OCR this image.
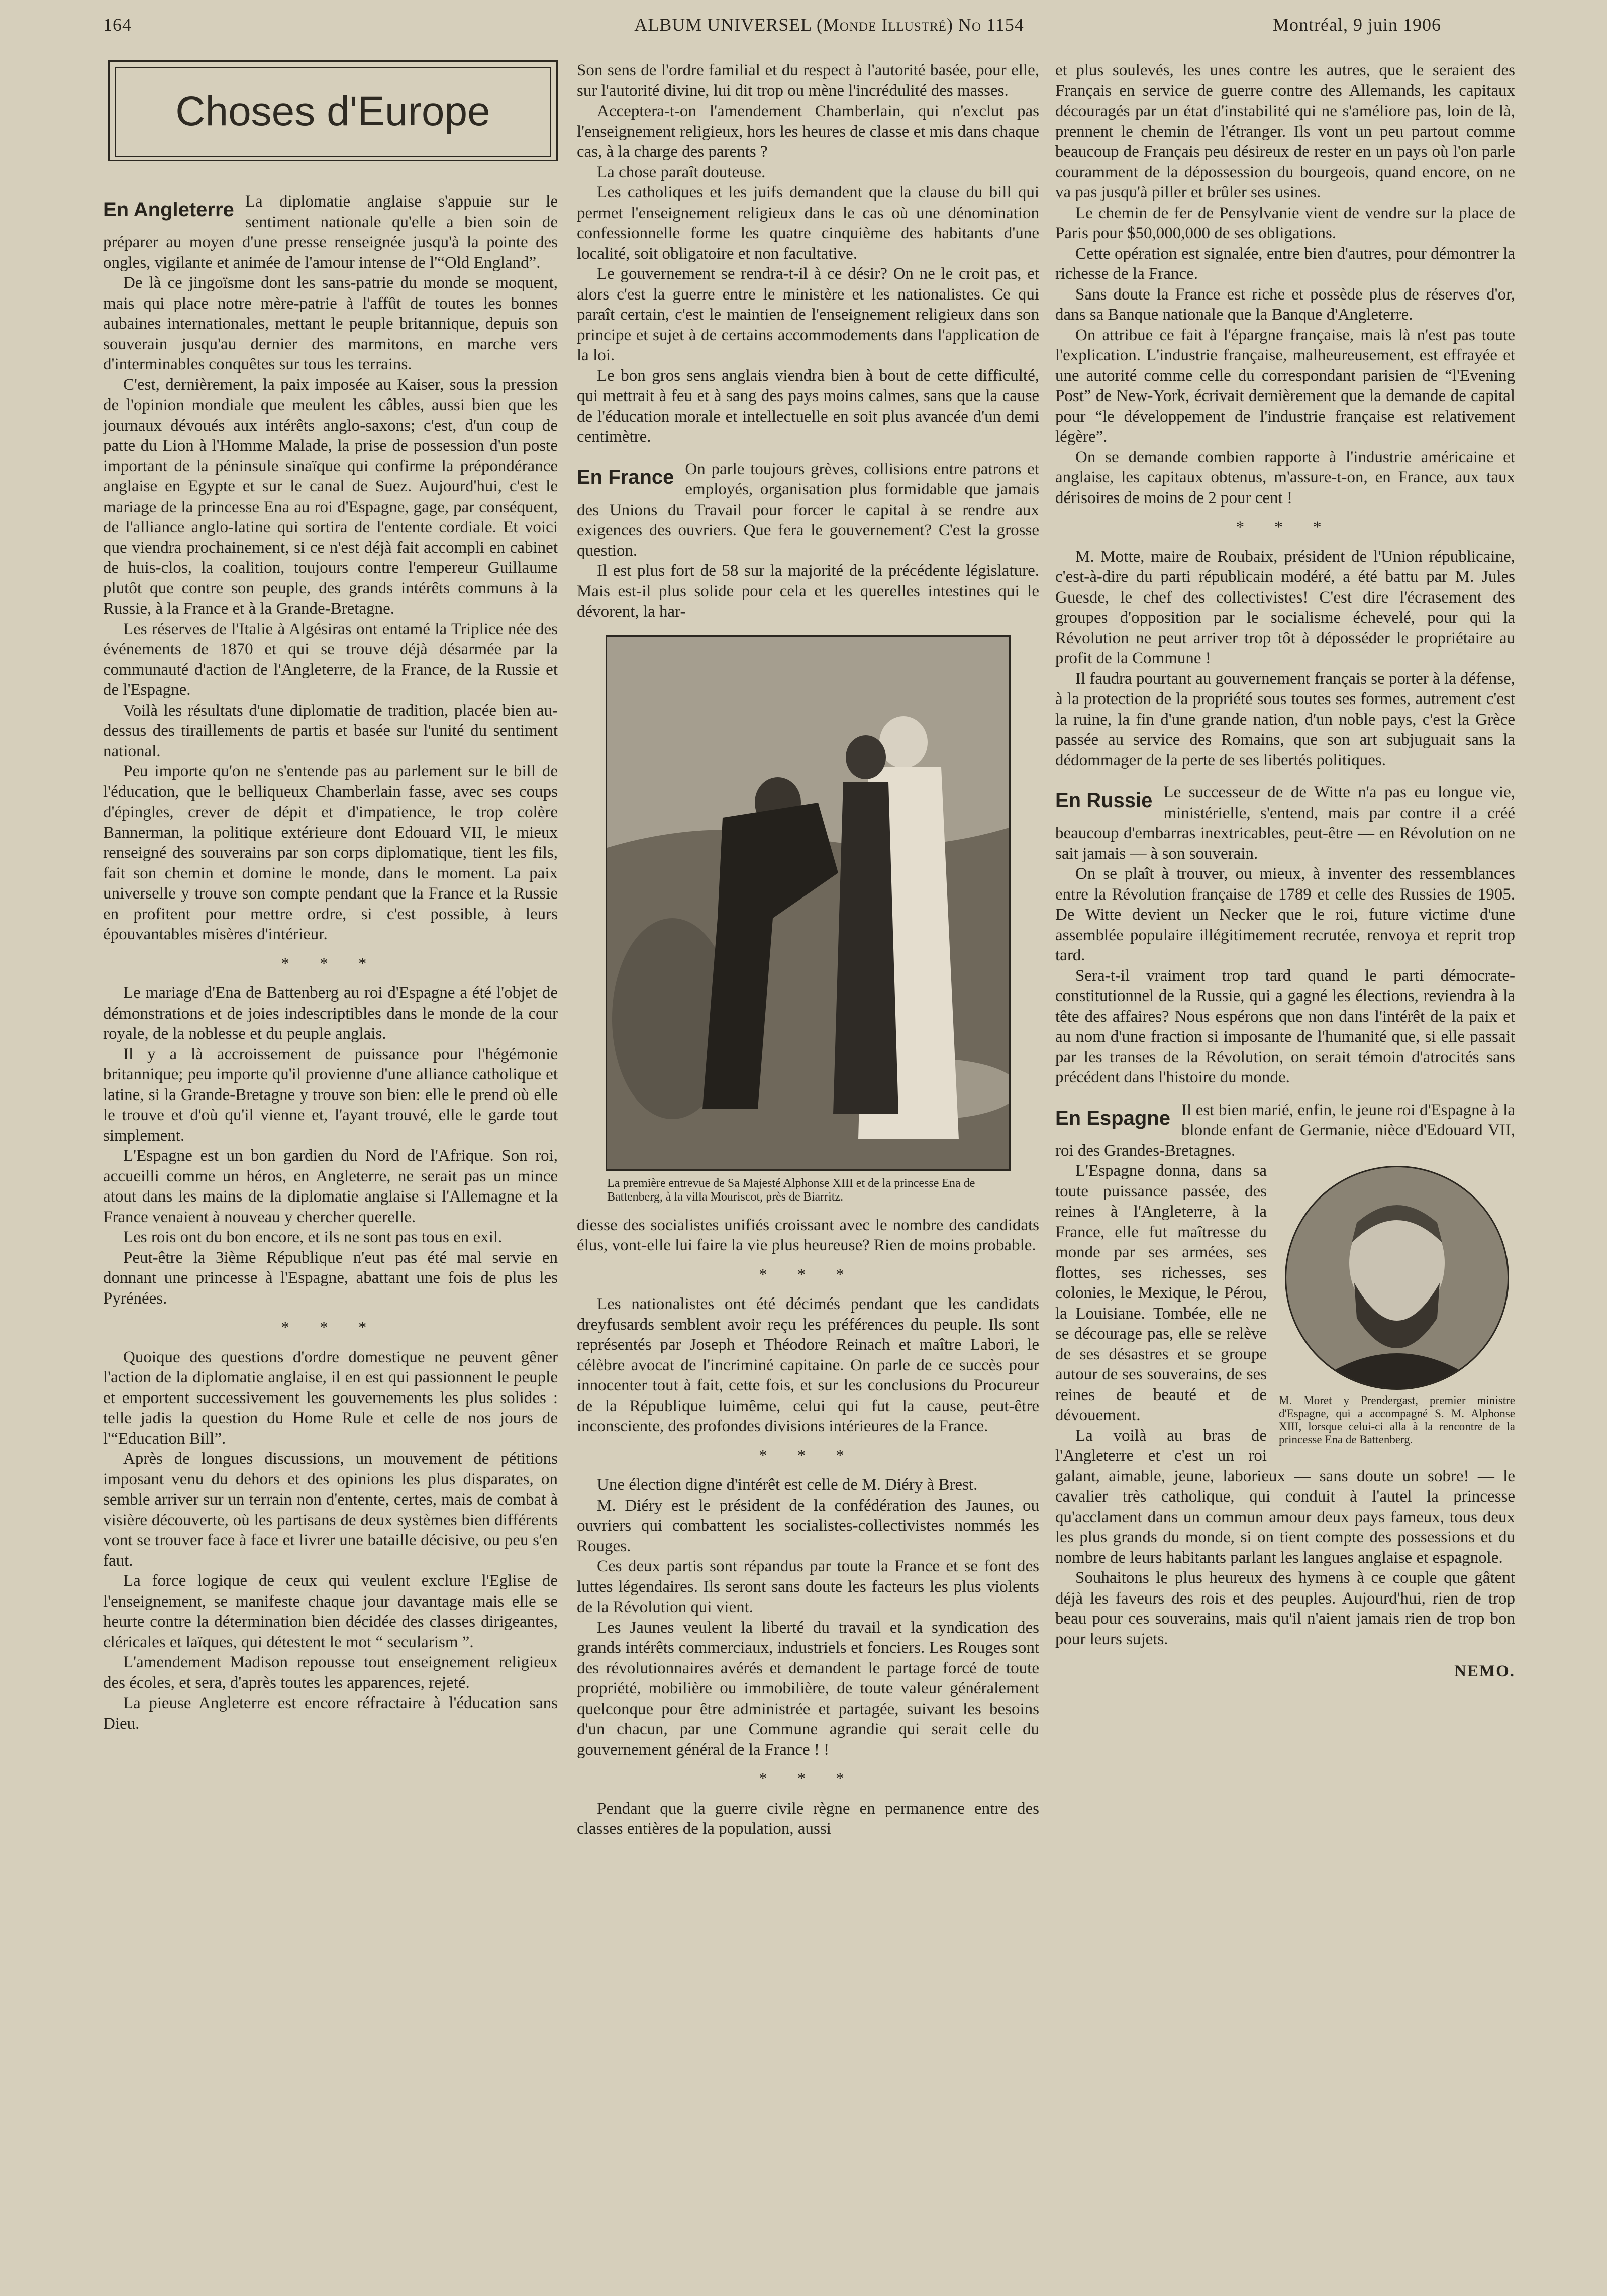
164	ALBUM UNIVERSEL (Monde Illustré) No 1154	Montréal, 9 juin 1906
Choses d'Europe
En Angleterre La diplomatie anglaise s'appuie sur le sentiment nationale qu'elle a bien soin de préparer au moyen d'une presse renseignée jusqu'à la pointe des ongles, vigilante et animée de l'amour intense de l'“Old England”.

De là ce jingoïsme dont les sans-patrie du monde se moquent, mais qui place notre mère-patrie à l'affût de toutes les bonnes aubaines internationales, mettant le peuple britannique, depuis son souverain jusqu'au dernier des marmitons, en marche vers d'interminables conquêtes sur tous les terrains.

C'est, dernièrement, la paix imposée au Kaiser, sous la pression de l'opinion mondiale que meulent les câbles, aussi bien que les journaux dévoués aux intérêts anglo-saxons; c'est, d'un coup de patte du Lion à l'Homme Malade, la prise de possession d'un poste important de la péninsule sinaïque qui confirme la prépondérance anglaise en Egypte et sur le canal de Suez. Aujourd'hui, c'est le mariage de la princesse Ena au roi d'Espagne, gage, par conséquent, de l'alliance anglo-latine qui sortira de l'entente cordiale. Et voici que viendra prochainement, si ce n'est déjà fait accompli en cabinet de huis-clos, la coalition, toujours contre l'empereur Guillaume plutôt que contre son peuple, des grands intérêts communs à la Russie, à la France et à la Grande-Bretagne.

Les réserves de l'Italie à Algésiras ont entamé la Triplice née des événements de 1870 et qui se trouve déjà désarmée par la communauté d'action de l'Angleterre, de la France, de la Russie et de l'Espagne.

Voilà les résultats d'une diplomatie de tradition, placée bien au-dessus des tiraillements de partis et basée sur l'unité du sentiment national.

Peu importe qu'on ne s'entende pas au parlement sur le bill de l'éducation, que le belliqueux Chamberlain fasse, avec ses coups d'épingles, crever de dépit et d'impatience, le trop colère Bannerman, la politique extérieure dont Edouard VII, le mieux renseigné des souverains par son corps diplomatique, tient les fils, fait son chemin et domine le monde, dans le moment. La paix universelle y trouve son compte pendant que la France et la Russie en profitent pour mettre ordre, si c'est possible, à leurs épouvantables misères d'intérieur.

* * *

Le mariage d'Ena de Battenberg au roi d'Espagne a été l'objet de démonstrations et de joies indescriptibles dans le monde de la cour royale, de la noblesse et du peuple anglais.

Il y a là accroissement de puissance pour l'hégémonie britannique; peu importe qu'il provienne d'une alliance catholique et latine, si la Grande-Bretagne y trouve son bien: elle le prend où elle le trouve et d'où qu'il vienne et, l'ayant trouvé, elle le garde tout simplement.

L'Espagne est un bon gardien du Nord de l'Afrique. Son roi, accueilli comme un héros, en Angleterre, ne serait pas un mince atout dans les mains de la diplomatie anglaise si l'Allemagne et la France venaient à nouveau y chercher querelle.

Les rois ont du bon encore, et ils ne sont pas tous en exil.

Peut-être la 3ième République n'eut pas été mal servie en donnant une princesse à l'Espagne, abattant une fois de plus les Pyrénées.

* * *

Quoique des questions d'ordre domestique ne peuvent gêner l'action de la diplomatie anglaise, il en est qui passionnent le peuple et emportent successivement les gouvernements les plus solides : telle jadis la question du Home Rule et celle de nos jours de l'“Education Bill”.

Après de longues discussions, un mouvement de pétitions imposant venu du dehors et des opinions les plus disparates, on semble arriver sur un terrain non d'entente, certes, mais de combat à visière découverte, où les partisans de deux systèmes bien différents vont se trouver face à face et livrer une bataille décisive, ou peu s'en faut.

La force logique de ceux qui veulent exclure l'Eglise de l'enseignement, se manifeste chaque jour davantage mais elle se heurte contre la détermination bien décidée des classes dirigeantes, cléricales et laïques, qui détestent le mot “ secularism ”.

L'amendement Madison repousse tout enseignement religieux des écoles, et sera, d'après toutes les apparences, rejeté.

La pieuse Angleterre est encore réfractaire à l'éducation sans Dieu.

Son sens de l'ordre familial et du respect à l'autorité basée, pour elle, sur l'autorité divine, lui dit trop ou mène l'incrédulité des masses.

Acceptera-t-on l'amendement Chamberlain, qui n'exclut pas l'enseignement religieux, hors les heures de classe et mis dans chaque cas, à la charge des parents ?

La chose paraît douteuse.

Les catholiques et les juifs demandent que la clause du bill qui permet l'enseignement religieux dans le cas où une dénomination confessionnelle forme les quatre cinquième des habitants d'une localité, soit obligatoire et non facultative.

Le gouvernement se rendra-t-il à ce désir? On ne le croit pas, et alors c'est la guerre entre le ministère et les nationalistes. Ce qui paraît certain, c'est le maintien de l'enseignement religieux dans son principe et sujet à de certains accommodements dans l'application de la loi.

Le bon gros sens anglais viendra bien à bout de cette difficulté, qui mettrait à feu et à sang des pays moins calmes, sans que la cause de l'éducation morale et intellectuelle en soit plus avancée d'un demi centimètre.

En France On parle toujours grèves, collisions entre patrons et employés, organisation plus formidable que jamais des Unions du Travail pour forcer le capital à se rendre aux exigences des ouvriers. Que fera le gouvernement? C'est la grosse question.

Il est plus fort de 58 sur la majorité de la précédente législature. Mais est-il plus solide pour cela et les querelles intestines qui le dévorent, la har-

La première entrevue de Sa Majesté Alphonse XIII et de la princesse Ena de Battenberg, à la villa Mouriscot, près de Biarritz.

diesse des socialistes unifiés croissant avec le nombre des candidats élus, vont-elle lui faire la vie plus heureuse? Rien de moins probable.

* * *

Les nationalistes ont été décimés pendant que les candidats dreyfusards semblent avoir reçu les préférences du peuple. Ils sont représentés par Joseph et Théodore Reinach et maître Labori, le célèbre avocat de l'incriminé capitaine. On parle de ce succès pour innocenter tout à fait, cette fois, et sur les conclusions du Procureur de la République luimême, celui qui fut la cause, peut-être inconsciente, des profondes divisions intérieures de la France.

* * *

Une élection digne d'intérêt est celle de M. Diéry à Brest.

M. Diéry est le président de la confédération des Jaunes, ou ouvriers qui combattent les socialistes-collectivistes nommés les Rouges.

Ces deux partis sont répandus par toute la France et se font des luttes légendaires. Ils seront sans doute les facteurs les plus violents de la Révolution qui vient.

Les Jaunes veulent la liberté du travail et la syndication des grands intérêts commerciaux, industriels et fonciers. Les Rouges sont des révolutionnaires avérés et demandent le partage forcé de toute propriété, mobilière ou immobilière, de toute valeur généralement quelconque pour être administrée et partagée, suivant les besoins d'un chacun, par une Commune agrandie qui serait celle du gouvernement général de la France ! !

* * *

Pendant que la guerre civile règne en permanence entre des classes entières de la population, aussi

et plus soulevés, les unes contre les autres, que le seraient des Français en service de guerre contre des Allemands, les capitaux découragés par un état d'instabilité qui ne s'améliore pas, loin de là, prennent le chemin de l'étranger. Ils vont un peu partout comme beaucoup de Français peu désireux de rester en un pays où l'on parle couramment de la dépossession du bourgeois, quand encore, on ne va pas jusqu'à piller et brûler ses usines.

Le chemin de fer de Pensylvanie vient de vendre sur la place de Paris pour $50,000,000 de ses obligations.

Cette opération est signalée, entre bien d'autres, pour démontrer la richesse de la France.

Sans doute la France est riche et possède plus de réserves d'or, dans sa Banque nationale que la Banque d'Angleterre.

On attribue ce fait à l'épargne française, mais là n'est pas toute l'explication. L'industrie française, malheureusement, est effrayée et une autorité comme celle du correspondant parisien de “l'Evening Post” de New-York, écrivait dernièrement que la demande de capital pour “le développement de l'industrie française est relativement légère”.

On se demande combien rapporte à l'industrie américaine et anglaise, les capitaux obtenus, m'assure-t-on, en France, aux taux dérisoires de moins de 2 pour cent !

* * *

M. Motte, maire de Roubaix, président de l'Union républicaine, c'est-à-dire du parti républicain modéré, a été battu par M. Jules Guesde, le chef des collectivistes! C'est dire l'écrasement des groupes d'opposition par le socialisme échevelé, pour qui la Révolution ne peut arriver trop tôt à déposséder le propriétaire au profit de la Commune !

Il faudra pourtant au gouvernement français se porter à la défense, à la protection de la propriété sous toutes ses formes, autrement c'est la ruine, la fin d'une grande nation, d'un noble pays, c'est la Grèce passée au service des Romains, que son art subjuguait sans la dédommager de la perte de ses libertés politiques.

En Russie Le successeur de de Witte n'a pas eu longue vie, ministérielle, s'entend, mais par contre il a créé beaucoup d'embarras inextricables, peut-être — en Révolution on ne sait jamais — à son souverain.

On se plaît à trouver, ou mieux, à inventer des ressemblances entre la Révolution française de 1789 et celle des Russies de 1905. De Witte devient un Necker que le roi, future victime d'une assemblée populaire illégitimement recrutée, renvoya et reprit trop tard.

Sera-t-il vraiment trop tard quand le parti démocrate-constitutionnel de la Russie, qui a gagné les élections, reviendra à la tête des affaires? Nous espérons que non dans l'intérêt de la paix et au nom d'une fraction si imposante de l'humanité que, si elle passait par les transes de la Révolution, on serait témoin d'atrocités sans précédent dans l'histoire du monde.

En Espagne Il est bien marié, enfin, le jeune roi d'Espagne à la blonde enfant de Germanie, nièce d'Edouard VII, roi des Grandes-Bretagnes.

M. Moret y Prendergast, premier ministre d'Espagne, qui a accompagné S. M. Alphonse XIII, lorsque celui-ci alla à la rencontre de la princesse Ena de Battenberg.

L'Espagne donna, dans sa toute puissance passée, des reines à l'Angleterre, à la France, elle fut maîtresse du monde par ses armées, ses flottes, ses richesses, ses colonies, le Mexique, le Pérou, la Louisiane. Tombée, elle ne se décourage pas, elle se relève de ses désastres et se groupe autour de ses souverains, de ses reines de beauté et de dévouement.

La voilà au bras de l'Angleterre et c'est un roi galant, aimable, jeune, laborieux — sans doute un sobre! — le cavalier très catholique, qui conduit à l'autel la princesse qu'acclament dans un commun amour deux pays fameux, tous deux les plus grands du monde, si on tient compte des possessions et du nombre de leurs habitants parlant les langues anglaise et espagnole.

Souhaitons le plus heureux des hymens à ce couple que gâtent déjà les faveurs des rois et des peuples. Aujourd'hui, rien de trop beau pour ces souverains, mais qu'il n'aient jamais rien de trop bon pour leurs sujets.

NEMO.
